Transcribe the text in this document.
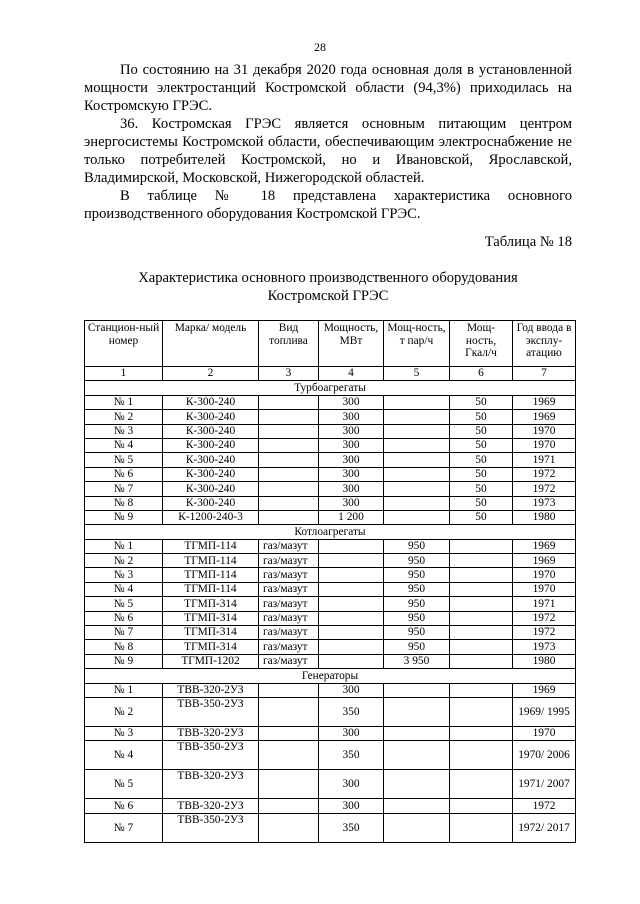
28

По состоянию на 31 декабря 2020 года основная доля в установленной мощности электростанций Костромской области (94,3%) приходилась на Костромскую ГРЭС.

36. Костромская ГРЭС является основным питающим центром энергосистемы Костромской области, обеспечивающим электроснабжение не только потребителей Костромской, но и Ивановской, Ярославской, Владимирской, Московской, Нижегородской областей.

В таблице № 18 представлена характеристика основного производственного оборудования Костромской ГРЭС.

Таблица № 18
Характеристика основного производственного оборудования
Костромской ГРЭС
Станцион-ный номер	Марка/ модель	Вид топлива	Мощность, МВт	Мощ-ность, т пар/ч	Мощ-ность, Гкал/ч	Год ввода в эксплу-атацию
1	2	3	4	5	6	7
Турбоагрегаты						
№ 1	К-300-240		300		50	1969
№ 2	К-300-240		300		50	1969
№ 3	К-300-240		300		50	1970
№ 4	К-300-240		300		50	1970
№ 5	К-300-240		300		50	1971
№ 6	К-300-240		300		50	1972
№ 7	К-300-240		300		50	1972
№ 8	К-300-240		300		50	1973
№ 9	К-1200-240-3		1 200		50	1980
Котлоагрегаты						
№ 1	ТГМП-114	газ/мазут		950		1969
№ 2	ТГМП-114	газ/мазут		950		1969
№ 3	ТГМП-114	газ/мазут		950		1970
№ 4	ТГМП-114	газ/мазут		950		1970
№ 5	ТГМП-314	газ/мазут		950		1971
№ 6	ТГМП-314	газ/мазут		950		1972
№ 7	ТГМП-314	газ/мазут		950		1972
№ 8	ТГМП-314	газ/мазут		950		1973
№ 9	ТГМП-1202	газ/мазут		3 950		1980
Генераторы						
№ 1	ТВВ-320-2УЗ		300			1969
№ 2	ТВВ-350-2УЗ		350			1969/ 1995
№ 3	ТВВ-320-2УЗ		300			1970
№ 4	ТВВ-350-2УЗ		350			1970/ 2006
№ 5	ТВВ-320-2УЗ		300			1971/ 2007
№ 6	ТВВ-320-2УЗ		300			1972
№ 7	ТВВ-350-2УЗ		350			1972/ 2017
